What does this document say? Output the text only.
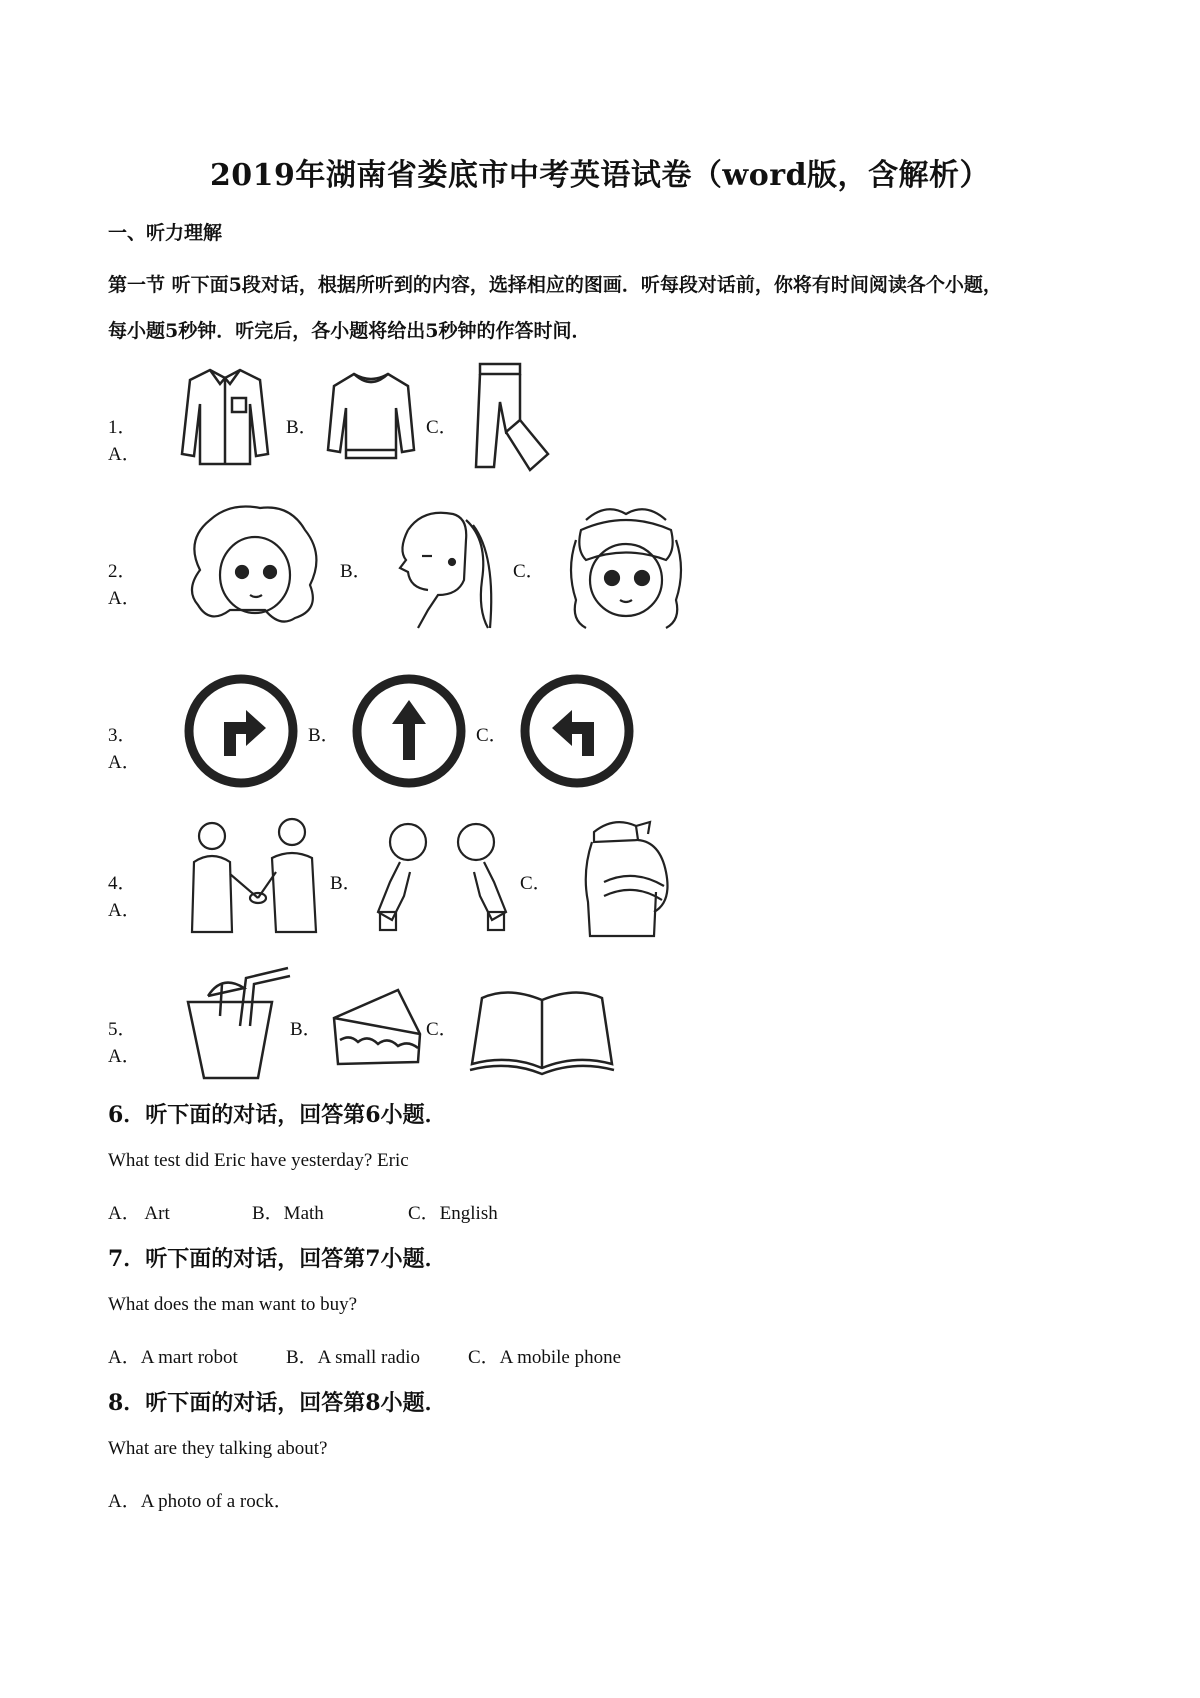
2019年湖南省娄底市中考英语试卷（word版，含解析）
一、听力理解
第一节 听下面5段对话，根据所听到的内容，选择相应的图画．听每段对话前，你将有时间阅读各个小题，
每小题5秒钟．听完后，各小题将给出5秒钟的作答时间．
1．A．
B．	C．
2．A．
B．	C．
3．A．
B．	C．
4．A．
B．	C．
5．A．
B．	C．
6．听下面的对话，回答第6小题．
What test did Eric have yesterday? Eric
A． Art	B．Math	C．English
7．听下面的对话，回答第7小题．
What does the man want to buy?
A．A mart robot	B．A small radio	C．A mobile phone
8．听下面的对话，回答第8小题．
What are they talking about?
A．A photo of a rock．
